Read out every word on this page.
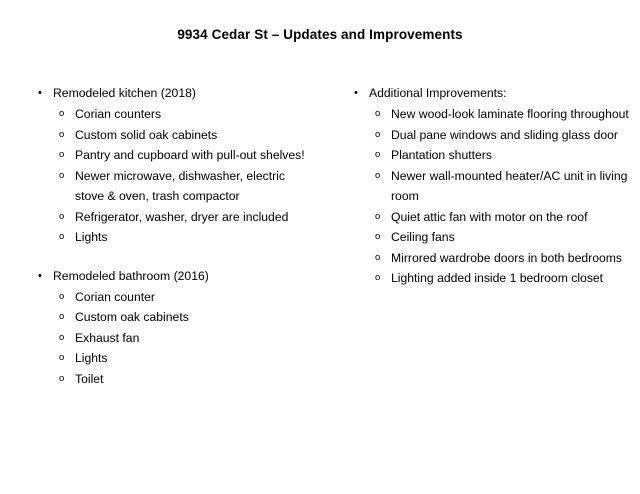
9934 Cedar St – Updates and Improvements
• Remodeled kitchen (2018)
o Corian counters
o Custom solid oak cabinets
o Pantry and cupboard with pull-out shelves!
o Newer microwave, dishwasher, electric stove & oven, trash compactor
o Refrigerator, washer, dryer are included
o Lights
• Remodeled bathroom (2016)
o Corian counter
o Custom oak cabinets
o Exhaust fan
o Lights
o Toilet
• Additional Improvements:
o New wood-look laminate flooring throughout
o Dual pane windows and sliding glass door
o Plantation shutters
o Newer wall-mounted heater/AC unit in living room
o Quiet attic fan with motor on the roof
o Ceiling fans
o Mirrored wardrobe doors in both bedrooms
o Lighting added inside 1 bedroom closet
